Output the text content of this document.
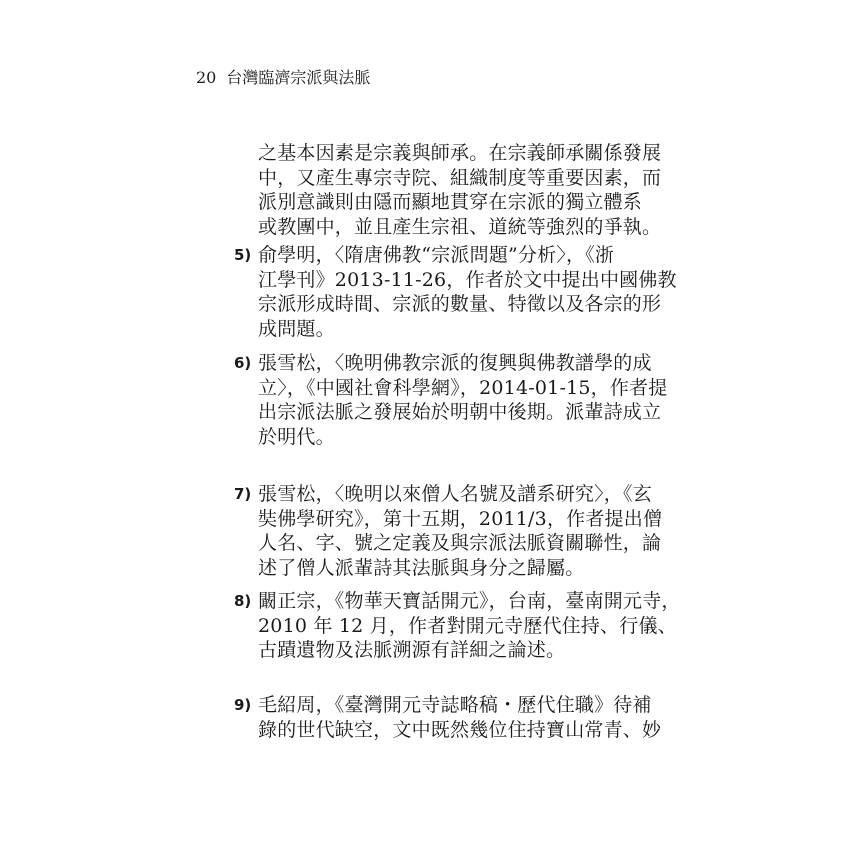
20 台灣臨濟宗派與法脈
之基本因素是宗義與師承。在宗義師承關係發展
中，又產生專宗寺院、組織制度等重要因素，而
派別意識則由隱而顯地貫穿在宗派的獨立體系
或教團中，並且產生宗祖、道統等強烈的爭執。
5) 俞學明，〈隋唐佛教“宗派問題”分析〉，《浙
江學刊》2013-11-26，作者於文中提出中國佛教
宗派形成時間、宗派的數量、特徵以及各宗的形
成問題。
6) 張雪松，〈晚明佛教宗派的復興與佛教譜學的成
立〉，《中國社會科學網》，2014-01-15，作者提
出宗派法脈之發展始於明朝中後期。派輩詩成立
於明代。
7) 張雪松，〈晚明以來僧人名號及譜系研究〉，《玄
奘佛學研究》，第十五期，2011/3，作者提出僧
人名、字、號之定義及與宗派法脈資關聯性，論
述了僧人派輩詩其法脈與身分之歸屬。
8) 闞正宗，《物華天寶話開元》，台南，臺南開元寺，
2010 年 12 月，作者對開元寺歷代住持、行儀、
古蹟遺物及法脈溯源有詳細之論述。
9) 毛紹周，《臺灣開元寺誌略稿・歷代住職》待補
錄的世代缺空，文中既然幾位住持寶山常青、妙
